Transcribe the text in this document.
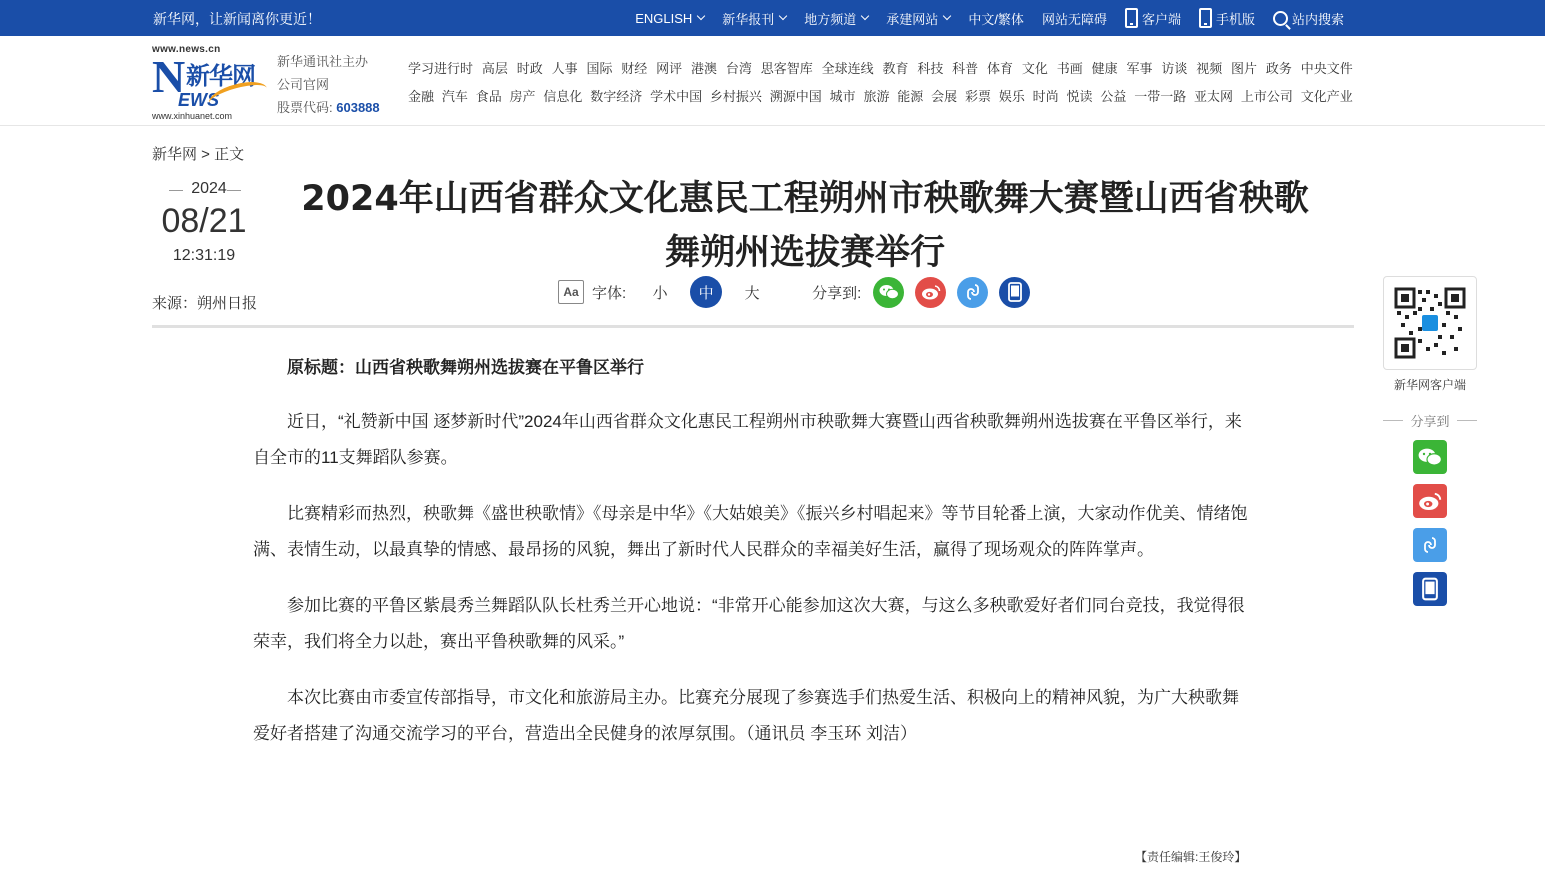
新华网，让新闻离你更近！	ENGLISH 新华报刊 地方频道 承建网站 中文/繁体 网站无障碍	客户端	手机版	站内搜索
www.news.cn
N 新华网
EWS
www.xinhuanet.com
新华通讯社主办
公司官网
股票代码: 603888
学习进行时 高层 时政 人事 国际 财经 网评 港澳 台湾 思客智库 全球连线 教育 科技 科普 体育 文化 书画 健康 军事 访谈 视频 图片 政务 中央文件
金融 汽车 食品 房产 信息化 数字经济 学术中国 乡村振兴 溯源中国 城市 旅游 能源 会展 彩票 娱乐 时尚 悦读 公益 一带一路 亚太网 上市公司 文化产业
新华网 > 正文
2024
08/21
12:31:19
来源：朔州日报
2024年山西省群众文化惠民工程朔州市秧歌舞大赛暨山西省秧歌舞朔州选拔赛举行
Aa 字体:	小	中	大	分享到:

原标题：山西省秧歌舞朔州选拔赛在平鲁区举行

近日，“礼赞新中国 逐梦新时代”2024年山西省群众文化惠民工程朔州市秧歌舞大赛暨山西省秧歌舞朔州选拔赛在平鲁区举行，来自全市的11支舞蹈队参赛。

比赛精彩而热烈，秧歌舞《盛世秧歌情》《母亲是中华》《大姑娘美》《振兴乡村唱起来》等节目轮番上演，大家动作优美、情绪饱满、表情生动，以最真挚的情感、最昂扬的风貌，舞出了新时代人民群众的幸福美好生活，赢得了现场观众的阵阵掌声。

参加比赛的平鲁区紫晨秀兰舞蹈队队长杜秀兰开心地说：“非常开心能参加这次大赛，与这么多秧歌爱好者们同台竞技，我觉得很荣幸，我们将全力以赴，赛出平鲁秧歌舞的风采。”

本次比赛由市委宣传部指导，市文化和旅游局主办。比赛充分展现了参赛选手们热爱生活、积极向上的精神风貌，为广大秧歌舞爱好者搭建了沟通交流学习的平台，营造出全民健身的浓厚氛围。（通讯员 李玉环 刘洁）

【责任编辑:王俊玲】
新华网客户端
分享到
